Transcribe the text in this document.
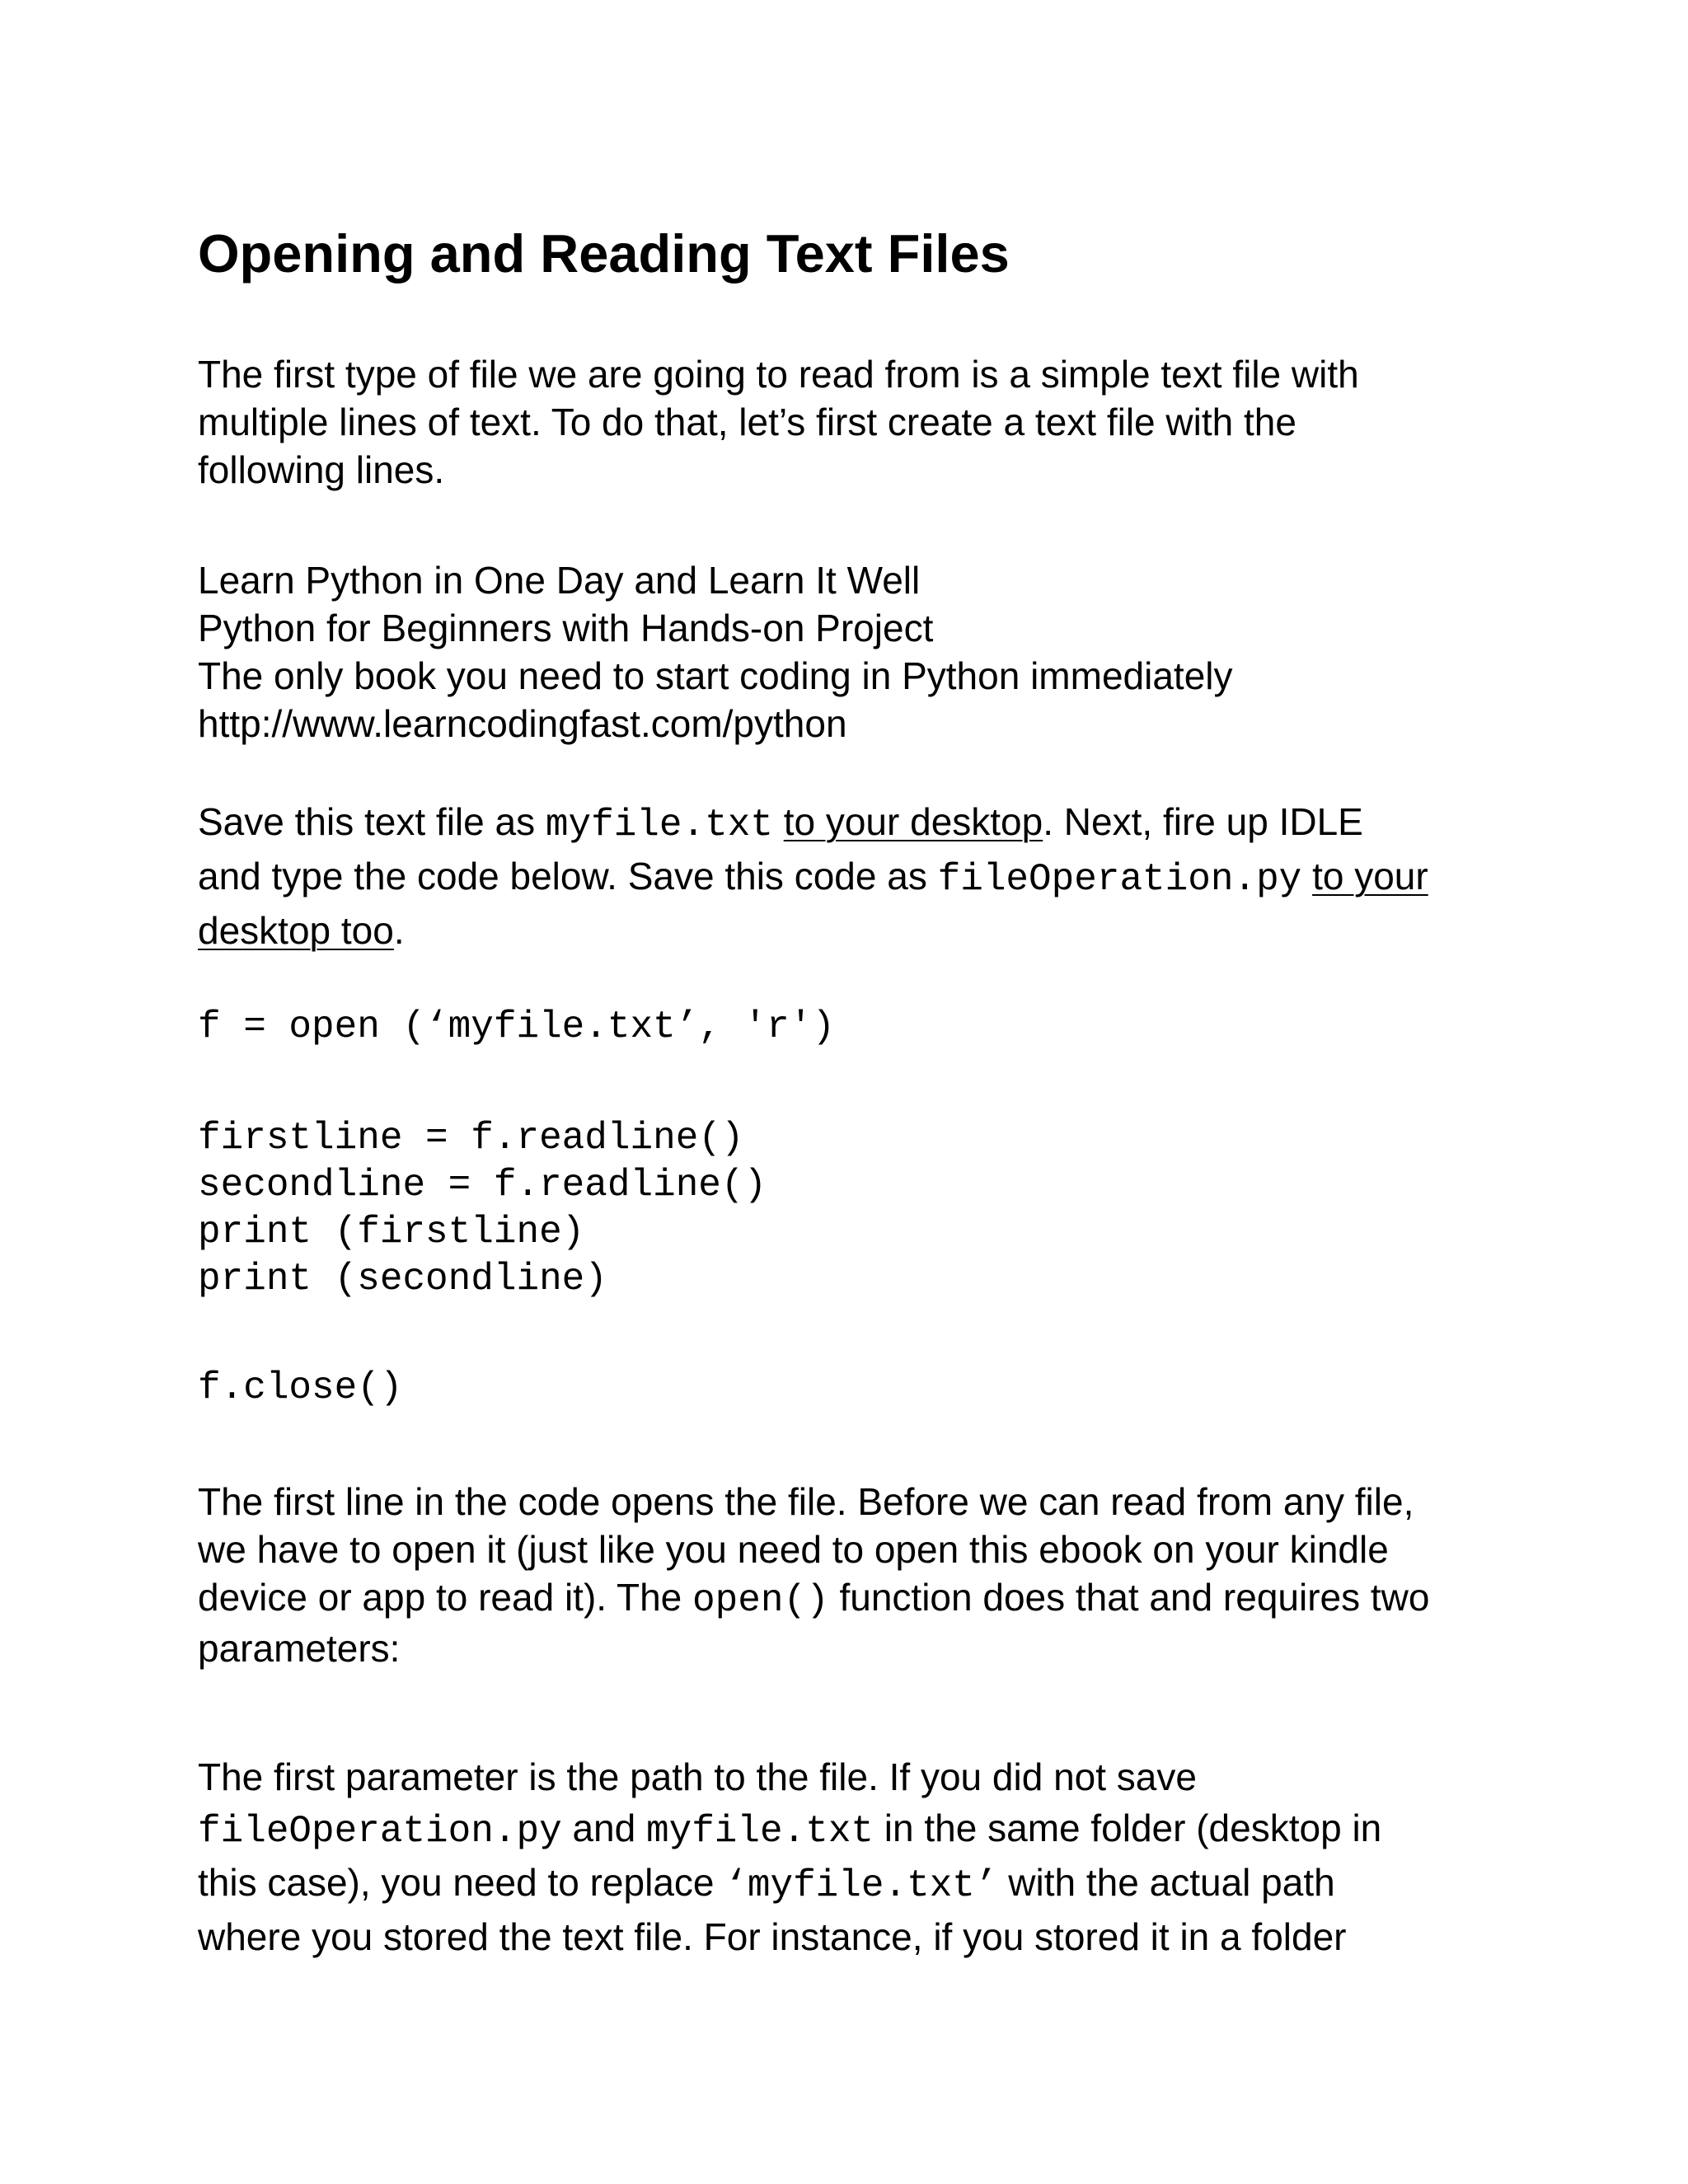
Opening and Reading Text Files
The first type of file we are going to read from is a simple text file with
multiple lines of text. To do that, let’s first create a text file with the
following lines.
Learn Python in One Day and Learn It Well
Python for Beginners with Hands-on Project
The only book you need to start coding in Python immediately
http://www.learncodingfast.com/python
Save this text file as myfile.txt to your desktop. Next, fire up IDLE
and type the code below. Save this code as fileOperation.py to your
desktop too.
f = open (‘myfile.txt’, 'r')
firstline = f.readline()
secondline = f.readline()
print (firstline)
print (secondline)
f.close()
The first line in the code opens the file. Before we can read from any file,
we have to open it (just like you need to open this ebook on your kindle
device or app to read it). The open() function does that and requires two
parameters:
The first parameter is the path to the file. If you did not save
fileOperation.py and myfile.txt in the same folder (desktop in
this case), you need to replace ‘myfile.txt’ with the actual path
where you stored the text file. For instance, if you stored it in a folder
